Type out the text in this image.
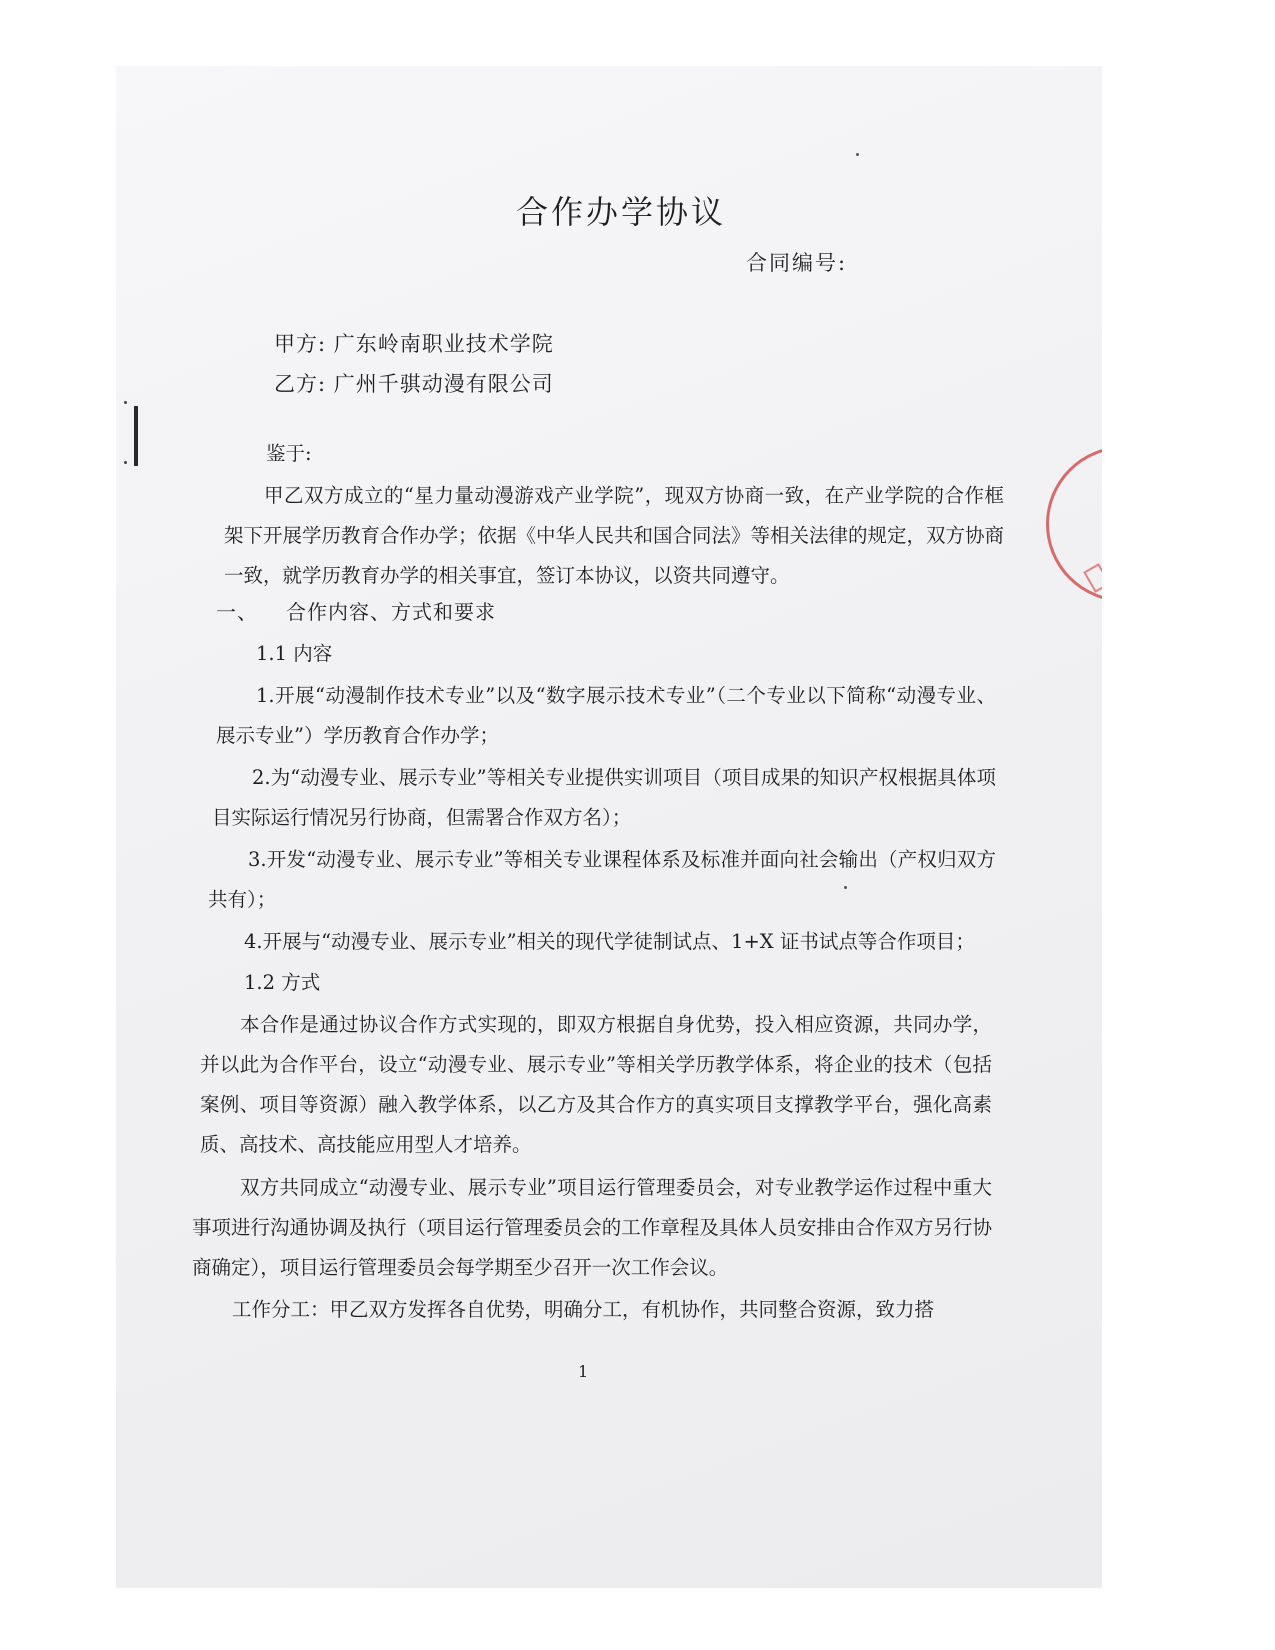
合作办学协议
合同编号:
甲方: 广东岭南职业技术学院
乙方: 广州千骐动漫有限公司
鉴于:

甲乙双方成立的“星力量动漫游戏产业学院”，现双方协商一致，在产业学院的合作框架下开展学历教育合作办学；依据《中华人民共和国合同法》等相关法律的规定，双方协商一致，就学历教育办学的相关事宜，签订本协议，以资共同遵守。

一、 合作内容、方式和要求
1.1 内容

1.开展“动漫制作技术专业”以及“数字展示技术专业”（二个专业以下简称“动漫专业、展示专业”）学历教育合作办学；

2.为“动漫专业、展示专业”等相关专业提供实训项目（项目成果的知识产权根据具体项目实际运行情况另行协商，但需署合作双方名）；

3.开发“动漫专业、展示专业”等相关专业课程体系及标准并面向社会输出（产权归双方共有）；

4.开展与“动漫专业、展示专业”相关的现代学徒制试点、1+X 证书试点等合作项目；

1.2 方式

本合作是通过协议合作方式实现的，即双方根据自身优势，投入相应资源，共同办学，并以此为合作平台，设立“动漫专业、展示专业”等相关学历教学体系，将企业的技术（包括案例、项目等资源）融入教学体系，以乙方及其合作方的真实项目支撑教学平台，强化高素质、高技术、高技能应用型人才培养。

双方共同成立“动漫专业、展示专业”项目运行管理委员会，对专业教学运作过程中重大事项进行沟通协调及执行（项目运行管理委员会的工作章程及具体人员安排由合作双方另行协商确定），项目运行管理委员会每学期至少召开一次工作会议。

工作分工：甲乙双方发挥各自优势，明确分工，有机协作，共同整合资源，致力搭

1
